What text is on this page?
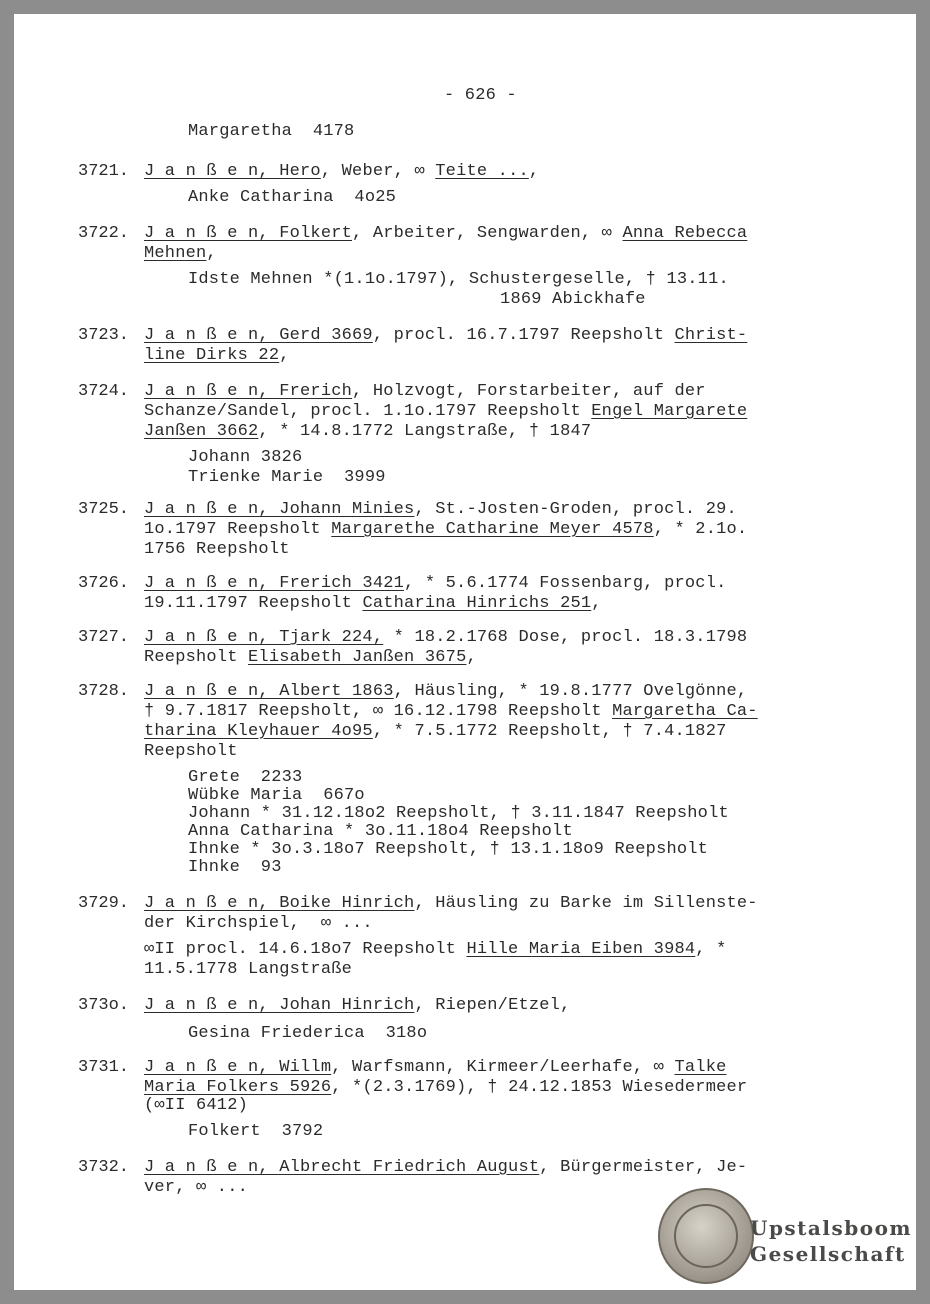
- 626 -
Margaretha  4178
3721. J a n ß e n, Hero, Weber, ∞ Teite ...,
Anke Catharina  4o25
3722. J a n ß e n, Folkert, Arbeiter, Sengwarden, ∞ Anna Rebecca
Mehnen,
Idste Mehnen *(1.1o.1797), Schustergeselle, † 13.11.
1869 Abickhafe
3723. J a n ß e n, Gerd 3669, procl. 16.7.1797 Reepsholt Christ-
line Dirks 22,
3724. J a n ß e n, Frerich, Holzvogt, Forstarbeiter, auf der
Schanze/Sandel, procl. 1.1o.1797 Reepsholt Engel Margarete
Janßen 3662, * 14.8.1772 Langstraße, † 1847
Johann 3826
Trienke Marie  3999
3725. J a n ß e n, Johann Minies, St.-Josten-Groden, procl. 29.
1o.1797 Reepsholt Margarethe Catharine Meyer 4578, * 2.1o.
1756 Reepsholt
3726. J a n ß e n, Frerich 3421, * 5.6.1774 Fossenbarg, procl.
19.11.1797 Reepsholt Catharina Hinrichs 251,
3727. J a n ß e n, Tjark 224, * 18.2.1768 Dose, procl. 18.3.1798
Reepsholt Elisabeth Janßen 3675,
3728. J a n ß e n, Albert 1863, Häusling, * 19.8.1777 Ovelgönne,
† 9.7.1817 Reepsholt, ∞ 16.12.1798 Reepsholt Margaretha Ca-
tharina Kleyhauer 4o95, * 7.5.1772 Reepsholt, † 7.4.1827
Reepsholt
Grete  2233
Wübke Maria  667o
Johann * 31.12.18o2 Reepsholt, † 3.11.1847 Reepsholt
Anna Catharina * 3o.11.18o4 Reepsholt
Ihnke * 3o.3.18o7 Reepsholt, † 13.1.18o9 Reepsholt
Ihnke  93
3729. J a n ß e n, Boike Hinrich, Häusling zu Barke im Sillenste-
der Kirchspiel,  ∞ ...
∞II procl. 14.6.18o7 Reepsholt Hille Maria Eiben 3984, *
11.5.1778 Langstraße
373o. J a n ß e n, Johan Hinrich, Riepen/Etzel,
Gesina Friederica  318o
3731. J a n ß e n, Willm, Warfsmann, Kirmeer/Leerhafe, ∞ Talke
Maria Folkers 5926, *(2.3.1769), † 24.12.1853 Wiesedermeer
(∞II 6412)
Folkert  3792
3732. J a n ß e n, Albrecht Friedrich August, Bürgermeister, Je-
ver, ∞ ...
Upstalsboom
Gesellschaft
